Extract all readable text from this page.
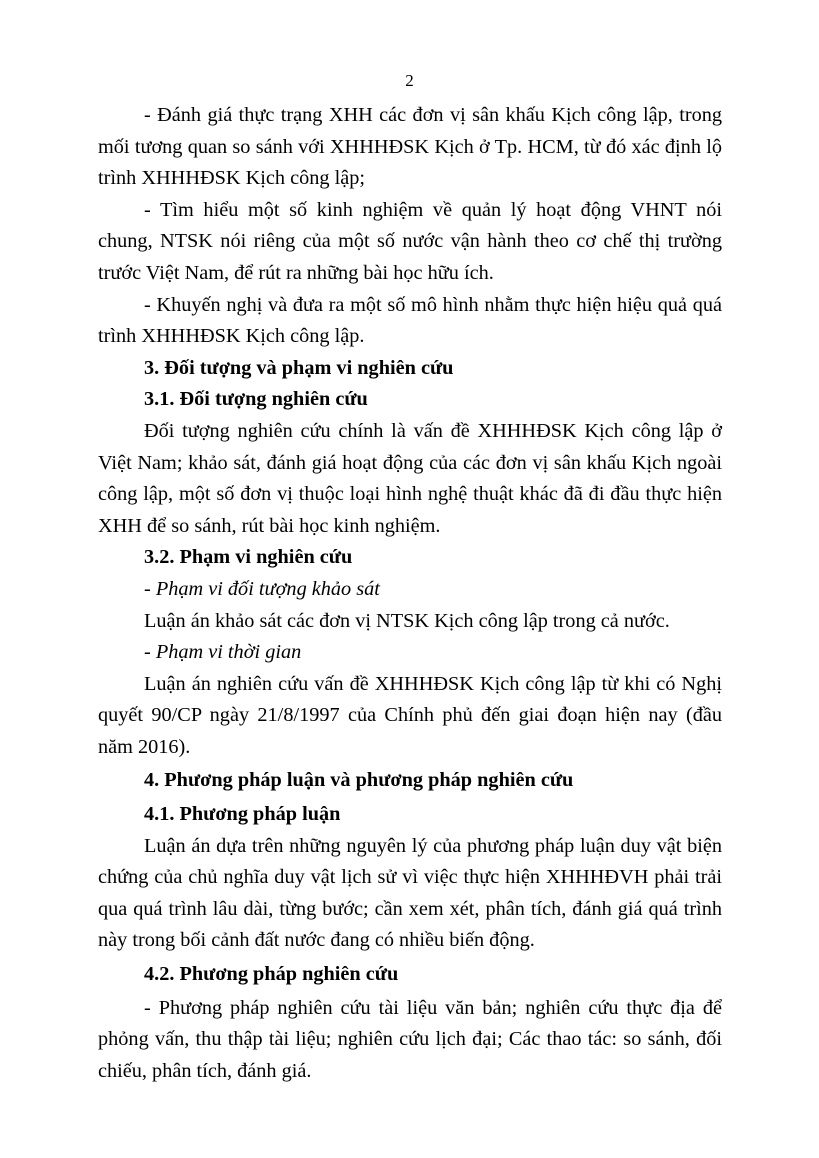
2

- Đánh giá thực trạng XHH các đơn vị sân khấu Kịch công lập, trong mối tương quan so sánh với XHHHĐSK Kịch ở Tp. HCM, từ đó xác định lộ trình XHHHĐSK Kịch công lập;

- Tìm hiểu một số kinh nghiệm về quản lý hoạt động VHNT nói chung, NTSK nói riêng của một số nước vận hành theo cơ chế thị trường trước Việt Nam, để rút ra những bài học hữu ích.

- Khuyến nghị và đưa ra một số mô hình nhằm thực hiện hiệu quả quá trình XHHHĐSK Kịch công lập.

3. Đối tượng và phạm vi nghiên cứu

3.1. Đối tượng nghiên cứu

Đối tượng nghiên cứu chính là vấn đề XHHHĐSK Kịch công lập ở Việt Nam; khảo sát, đánh giá hoạt động của các đơn vị sân khấu Kịch ngoài công lập, một số đơn vị thuộc loại hình nghệ thuật khác đã đi đầu thực hiện XHH để so sánh, rút bài học kinh nghiệm.

3.2. Phạm vi nghiên cứu

- Phạm vi đối tượng khảo sát

Luận án khảo sát các đơn vị NTSK Kịch công lập trong cả nước.

- Phạm vi thời gian

Luận án nghiên cứu vấn đề XHHHĐSK Kịch công lập từ khi có Nghị quyết 90/CP ngày 21/8/1997 của Chính phủ đến giai đoạn hiện nay (đầu năm 2016).

4. Phương pháp luận và phương pháp nghiên cứu

4.1. Phương pháp luận

Luận án dựa trên những nguyên lý của phương pháp luận duy vật biện chứng của chủ nghĩa duy vật lịch sử vì việc thực hiện XHHHĐVH phải trải qua quá trình lâu dài, từng bước; cần xem xét, phân tích, đánh giá quá trình này trong bối cảnh đất nước đang có nhiều biến động.

4.2. Phương pháp nghiên cứu

- Phương pháp nghiên cứu tài liệu văn bản; nghiên cứu thực địa để phỏng vấn, thu thập tài liệu; nghiên cứu lịch đại; Các thao tác: so sánh, đối chiếu, phân tích, đánh giá.
